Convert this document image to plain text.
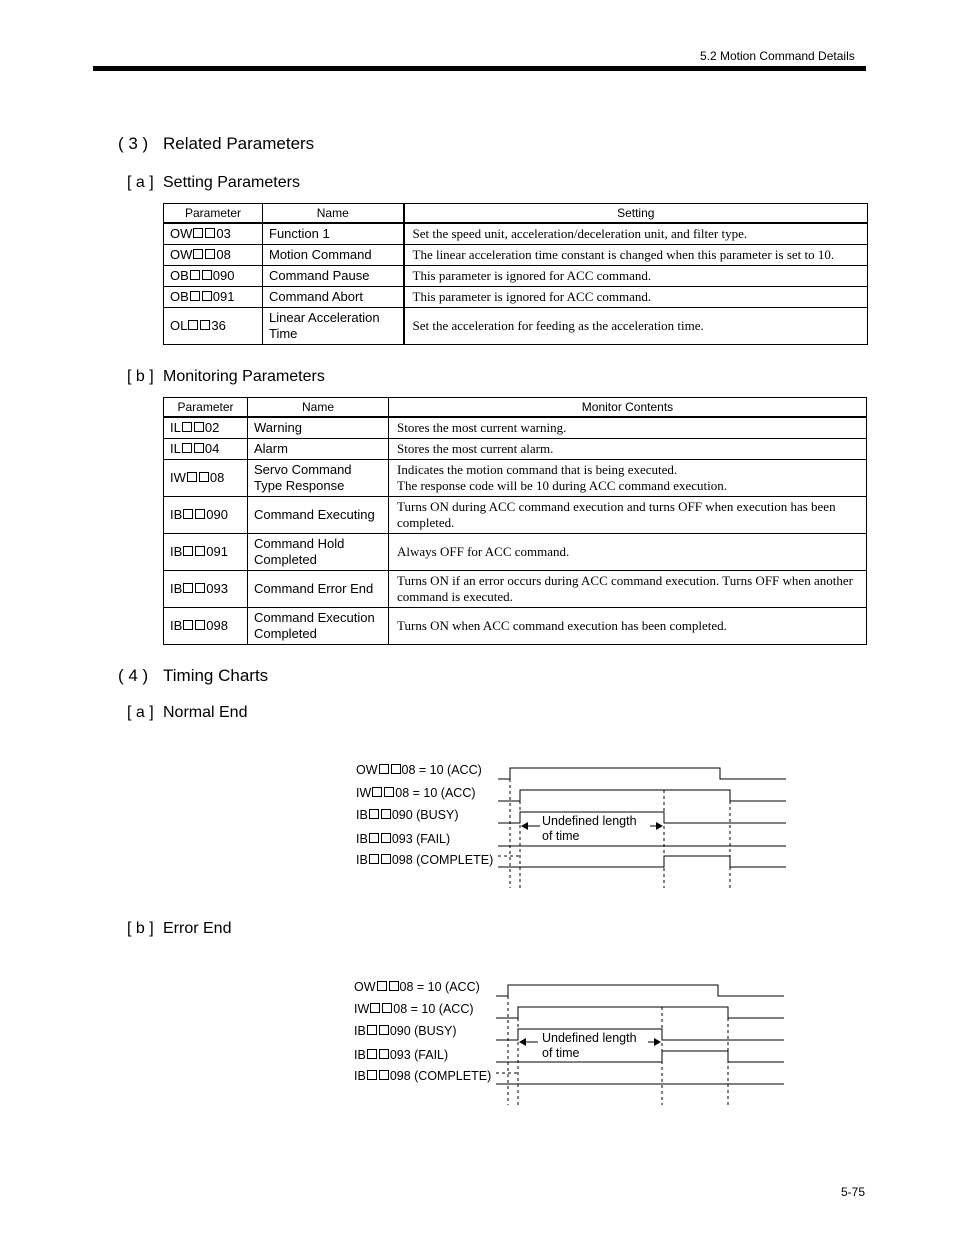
5.2 Motion Command Details
( 3 ) Related Parameters
[ a ] Setting Parameters
Parameter	Name	Setting
OW 03	Function 1	Set the speed unit, acceleration/deceleration unit, and filter type.
OW 08	Motion Command	The linear acceleration time constant is changed when this parameter is set to 10.
OB 090	Command Pause	This parameter is ignored for ACC command.
OB 091	Command Abort	This parameter is ignored for ACC command.
OL 36	Linear Acceleration Time	Set the acceleration for feeding as the acceleration time.
[ b ] Monitoring Parameters
Parameter	Name	Monitor Contents
IL 02	Warning	Stores the most current warning.
IL 04	Alarm	Stores the most current alarm.
IW 08	Servo Command Type Response	Indicates the motion command that is being executed.
The response code will be 10 during ACC command execution.

IB 090	Command Executing	Turns ON during ACC command execution and turns OFF when execution has been completed.
IB 091	Command Hold Completed	Always OFF for ACC command.
IB 093	Command Error End	Turns ON if an error occurs during ACC command execution. Turns OFF when another command is executed.
IB 098	Command Execution Completed	Turns ON when ACC command execution has been completed.
( 4 ) Timing Charts
[ a ] Normal End
OW 08 = 10 (ACC)
IW 08 = 10 (ACC)
IB 090 (BUSY)
IB 093 (FAIL)
IB 098 (COMPLETE)
Undefined length
of time
[ b ] Error End
OW 08 = 10 (ACC)
IW 08 = 10 (ACC)
IB 090 (BUSY)
IB 093 (FAIL)
IB 098 (COMPLETE)
Undefined length
of time
5-75
